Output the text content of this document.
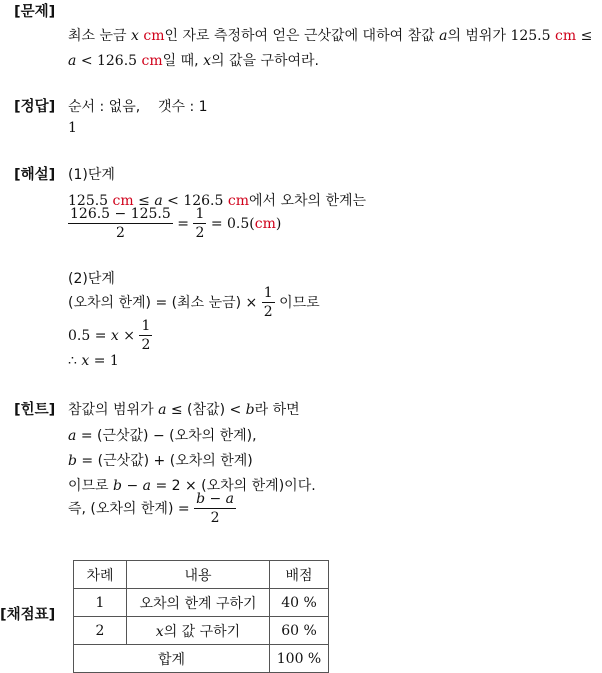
[문제]
최소 눈금 x cm인 자로 측정하여 얻은 근삿값에 대하여 참값 a의 범위가 125.5 cm ≤
a < 126.5 cm일 때, x의 값을 구하여라.
[정답] 순서 : 없음,    갯수 : 1
1
[해설] (1)단계
125.5 cm ≤ a < 126.5 cm에서 오차의 한계는
$\frac{126.5 - 125.5}{2} = \frac{1}{2} = 0.5(cm)$
(2)단계
(오차의 한계) = (최소 눈금) × $\frac{1}{2}$ 이므로
$0.5 = x \times \frac{1}{2}$
∴ x = 1
[힌트] 참값의 범위가 a ≤ (참값) < b라 하면
a = (근삿값) − (오차의 한계),
b = (근삿값) + (오차의 한계)
이므로 b − a = 2 × (오차의 한계)이다.
즉, (오차의 한계) = $\frac{b - a}{2}$
[채점표]
차례	내용	배점
1	오차의 한계 구하기	40 %
2	x의 값 구하기	60 %
합계		100 %
